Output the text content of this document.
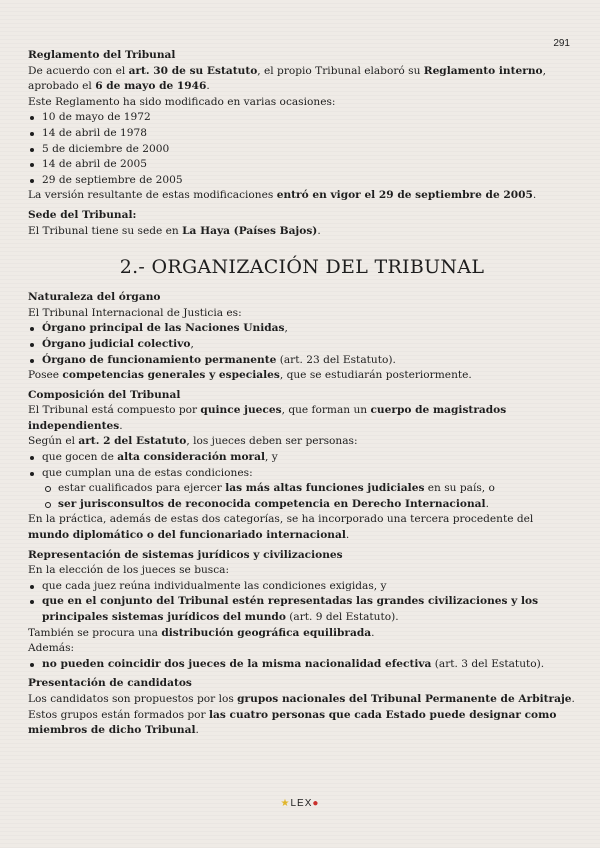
Reglamento del Tribunal

De acuerdo con el art. 30 de su Estatuto, el propio Tribunal elaboró su Reglamento interno, aprobado el 6 de mayo de 1946.

Este Reglamento ha sido modificado en varias ocasiones:

10 de mayo de 1972
14 de abril de 1978
5 de diciembre de 2000
14 de abril de 2005
29 de septiembre de 2005

La versión resultante de estas modificaciones entró en vigor el 29 de septiembre de 2005.

Sede del Tribunal:

El Tribunal tiene su sede en La Haya (Países Bajos).

2.- ORGANIZACIÓN DEL TRIBUNAL

Naturaleza del órgano

El Tribunal Internacional de Justicia es:

Órgano principal de las Naciones Unidas,
Órgano judicial colectivo,
Órgano de funcionamiento permanente (art. 23 del Estatuto).

Posee competencias generales y especiales, que se estudiarán posteriormente.

Composición del Tribunal

El Tribunal está compuesto por quince jueces, que forman un cuerpo de magistrados independientes.

Según el art. 2 del Estatuto, los jueces deben ser personas:

que gocen de alta consideración moral, y
que cumplan una de estas condiciones:
estar cualificados para ejercer las más altas funciones judiciales en su país, o
ser jurisconsultos de reconocida competencia en Derecho Internacional.

En la práctica, además de estas dos categorías, se ha incorporado una tercera procedente del mundo diplomático o del funcionariado internacional.

Representación de sistemas jurídicos y civilizaciones

En la elección de los jueces se busca:

que cada juez reúna individualmente las condiciones exigidas, y
que en el conjunto del Tribunal estén representadas las grandes civilizaciones y los principales sistemas jurídicos del mundo (art. 9 del Estatuto).

También se procura una distribución geográfica equilibrada.

Además:

no pueden coincidir dos jueces de la misma nacionalidad efectiva (art. 3 del Estatuto).

Presentación de candidatos

Los candidatos son propuestos por los grupos nacionales del Tribunal Permanente de Arbitraje.

Estos grupos están formados por las cuatro personas que cada Estado puede designar como miembros de dicho Tribunal.

291
★LEX●
